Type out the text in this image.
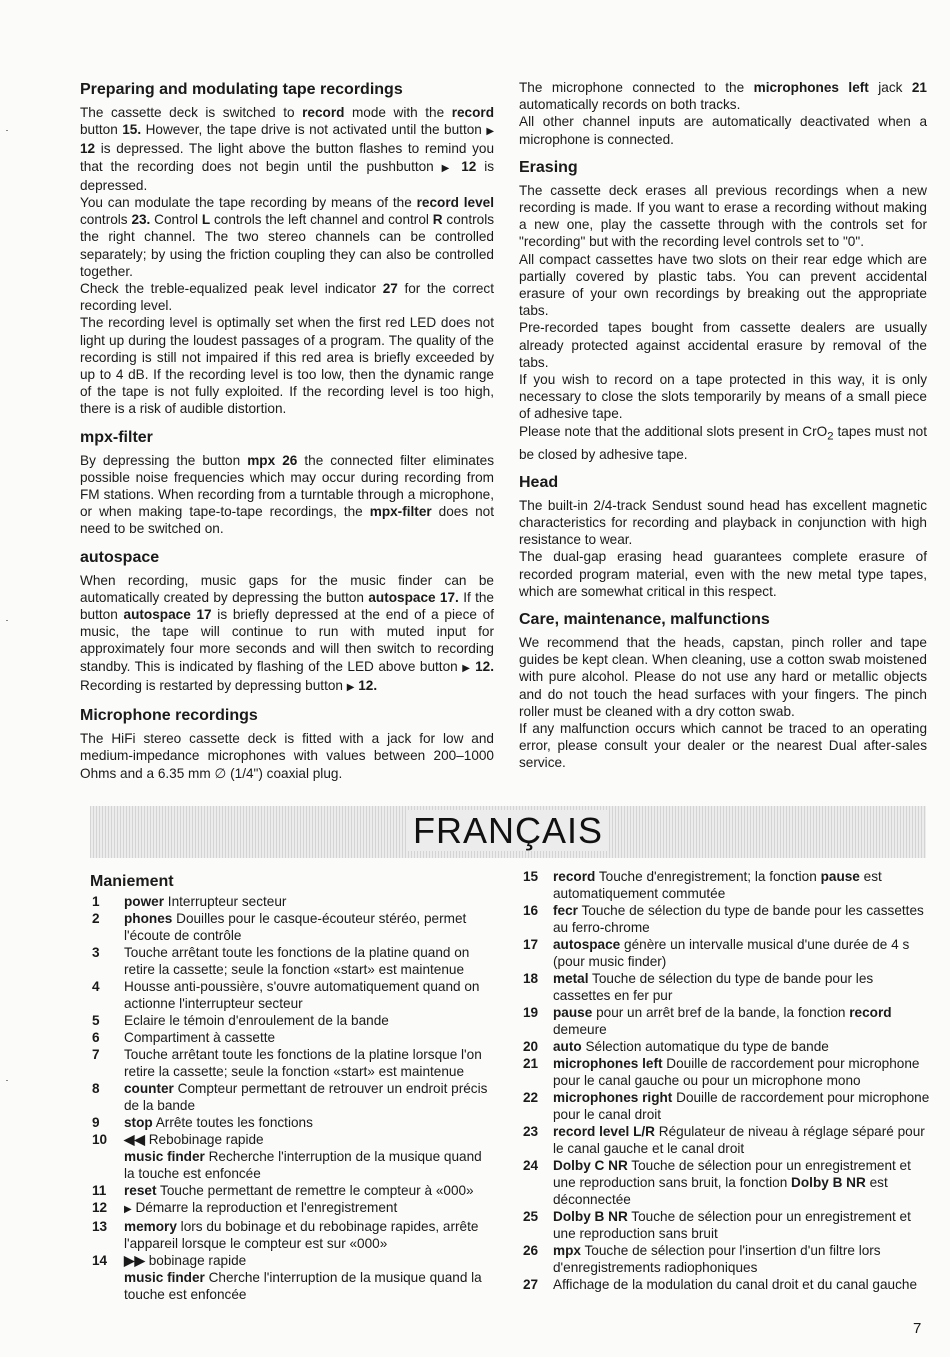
Preparing and modulating tape recordings

The cassette deck is switched to record mode with the record button 15. However, the tape drive is not activated until the button ▶ 12 is depressed. The light above the button flashes to remind you that the recording does not begin until the pushbutton ▶ 12 is depressed.
You can modulate the tape recording by means of the record level controls 23. Control L controls the left channel and control R controls the right channel. The two stereo channels can be controlled separately; by using the friction coupling they can also be controlled together.
Check the treble-equalized peak level indicator 27 for the correct recording level.
The recording level is optimally set when the first red LED does not light up during the loudest passages of a program. The quality of the recording is still not impaired if this red area is briefly exceeded by up to 4 dB. If the recording level is too low, then the dynamic range of the tape is not fully exploited. If the recording level is too high, there is a risk of audible distortion.

mpx-filter

By depressing the button mpx 26 the connected filter eliminates possible noise frequencies which may occur during recording from FM stations. When recording from a turntable through a microphone, or when making tape-to-tape recordings, the mpx-filter does not need to be switched on.

autospace

When recording, music gaps for the music finder can be automatically created by depressing the button autospace 17. If the button autospace 17 is briefly depressed at the end of a piece of music, the tape will continue to run with muted input for approximately four more seconds and will then switch to recording standby. This is indicated by flashing of the LED above button ▶ 12. Recording is restarted by depressing button ▶ 12.

Microphone recordings

The HiFi stereo cassette deck is fitted with a jack for low and medium-impedance microphones with values between 200–1000 Ohms and a 6.35 mm ∅ (1/4") coaxial plug.

The microphone connected to the microphones left jack 21 automatically records on both tracks.
All other channel inputs are automatically deactivated when a microphone is connected.

Erasing

The cassette deck erases all previous recordings when a new recording is made. If you want to erase a recording without making a new one, play the cassette through with the controls set for "recording" but with the recording level controls set to "0".
All compact cassettes have two slots on their rear edge which are partially covered by plastic tabs. You can prevent accidental erasure of your own recordings by breaking out the appropriate tabs.
Pre-recorded tapes bought from cassette dealers are usually already protected against accidental erasure by removal of the tabs.
If you wish to record on a tape protected in this way, it is only necessary to close the slots temporarily by means of a small piece of adhesive tape.
Please note that the additional slots present in CrO$_2$ tapes must not be closed by adhesive tape.

Head

The built-in 2/4-track Sendust sound head has excellent magnetic characteristics for recording and playback in conjunction with high resistance to wear.
The dual-gap erasing head guarantees complete erasure of recorded program material, even with the new metal type tapes, which are somewhat critical in this respect.

Care, maintenance, malfunctions

We recommend that the heads, capstan, pinch roller and tape guides be kept clean. When cleaning, use a cotton swab moistened with pure alcohol. Please do not use any hard or metallic objects and do not touch the head surfaces with your fingers. The pinch roller must be cleaned with a dry cotton swab.
If any malfunction occurs which cannot be traced to an operating error, please consult your dealer or the nearest Dual after-sales service.

FRANÇAIS
Maniement
1	power Interrupteur secteur
2	phones Douilles pour le casque-écouteur stéréo, permet l'écoute de contrôle
3	Touche arrêtant toute les fonctions de la platine quand on retire la cassette; seule la fonction «start» est maintenue
4	Housse anti-poussière, s'ouvre automatiquement quand on actionne l'interrupteur secteur
5	Eclaire le témoin d'enroulement de la bande
6	Compartiment à cassette
7	Touche arrêtant toute les fonctions de la platine lorsque l'on retire la cassette; seule la fonction «start» est maintenue
8	counter Compteur permettant de retrouver un endroit précis de la bande
9	stop Arrête toutes les fonctions
10	◀◀ Rebobinage rapide
music finder Recherche l'interruption de la musique quand la touche est enfoncée
11	reset Touche permettant de remettre le compteur à «000»
12	▶ Démarre la reproduction et l'enregistrement
13	memory lors du bobinage et du rebobinage rapides, arrête l'appareil lorsque le compteur est sur «000»
14	▶▶ bobinage rapide
music finder Cherche l'interruption de la musique quand la touche est enfoncée
15	record Touche d'enregistrement; la fonction pause est automatiquement commutée
16	fecr Touche de sélection du type de bande pour les cassettes au ferro-chrome
17	autospace génère un intervalle musical d'une durée de 4 s (pour music finder)
18	metal Touche de sélection du type de bande pour les cassettes en fer pur
19	pause pour un arrêt bref de la bande, la fonction record demeure
20	auto Sélection automatique du type de bande
21	microphones left Douille de raccordement pour microphone pour le canal gauche ou pour un microphone mono
22	microphones right Douille de raccordement pour microphone pour le canal droit
23	record level L/R Régulateur de niveau à réglage séparé pour le canal gauche et le canal droit
24	Dolby C NR Touche de sélection pour un enregistrement et une reproduction sans bruit, la fonction Dolby B NR est déconnectée
25	Dolby B NR Touche de sélection pour un enregistrement et une reproduction sans bruit
26	mpx Touche de sélection pour l'insertion d'un filtre lors d'enregistrements radiophoniques
27	Affichage de la modulation du canal droit et du canal gauche
7
